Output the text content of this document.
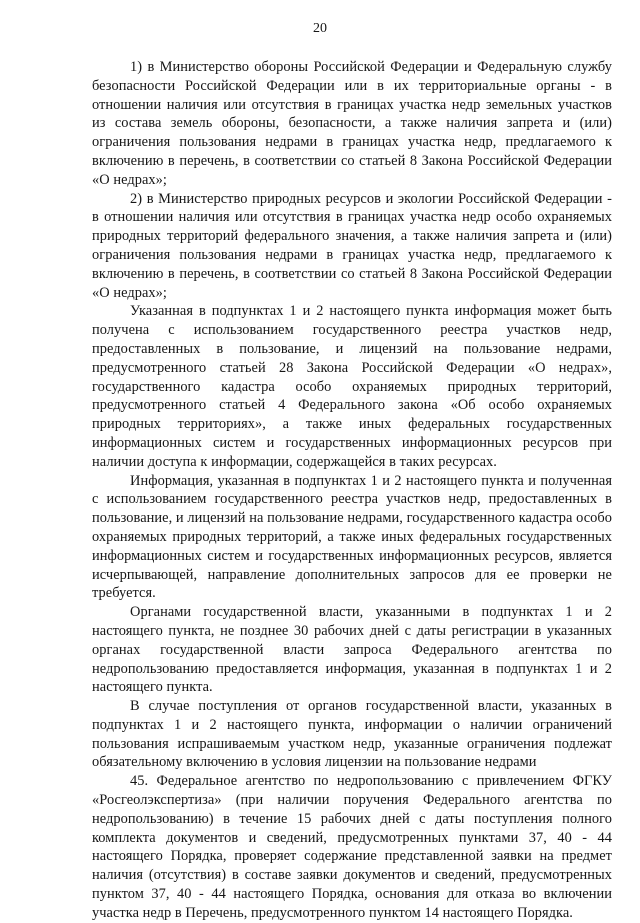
20

1) в Министерство обороны Российской Федерации и Федеральную службу безопасности Российской Федерации или в их территориальные органы - в отношении наличия или отсутствия в границах участка недр земельных участков из состава земель обороны, безопасности, а также наличия запрета и (или) ограничения пользования недрами в границах участка недр, предлагаемого к включению в перечень, в соответствии со статьей 8 Закона Российской Федерации «О недрах»;

2) в Министерство природных ресурсов и экологии Российской Федерации - в отношении наличия или отсутствия в границах участка недр особо охраняемых природных территорий федерального значения, а также наличия запрета и (или) ограничения пользования недрами в границах участка недр, предлагаемого к включению в перечень, в соответствии со статьей 8 Закона Российской Федерации «О недрах»;

Указанная в подпунктах 1 и 2 настоящего пункта информация может быть получена с использованием государственного реестра участков недр, предоставленных в пользование, и лицензий на пользование недрами, предусмотренного статьей 28 Закона Российской Федерации «О недрах», государственного кадастра особо охраняемых природных территорий, предусмотренного статьей 4 Федерального закона «Об особо охраняемых природных территориях», а также иных федеральных государственных информационных систем и государственных информационных ресурсов при наличии доступа к информации, содержащейся в таких ресурсах.

Информация, указанная в подпунктах 1 и 2 настоящего пункта и полученная с использованием государственного реестра участков недр, предоставленных в пользование, и лицензий на пользование недрами, государственного кадастра особо охраняемых природных территорий, а также иных федеральных государственных информационных систем и государственных информационных ресурсов, является исчерпывающей, направление дополнительных запросов для ее проверки не требуется.

Органами государственной власти, указанными в подпунктах 1 и 2 настоящего пункта, не позднее 30 рабочих дней с даты регистрации в указанных органах государственной власти запроса Федерального агентства по недропользованию предоставляется информация, указанная в подпунктах 1 и 2 настоящего пункта.

В случае поступления от органов государственной власти, указанных в подпунктах 1 и 2 настоящего пункта, информации о наличии ограничений пользования испрашиваемым участком недр, указанные ограничения подлежат обязательному включению в условия лицензии на пользование недрами

45. Федеральное агентство по недропользованию с привлечением ФГКУ «Росгеолэкспертиза» (при наличии поручения Федерального агентства по недропользованию) в течение 15 рабочих дней с даты поступления полного комплекта документов и сведений, предусмотренных пунктами 37, 40 - 44 настоящего Порядка, проверяет содержание представленной заявки на предмет наличия (отсутствия) в составе заявки документов и сведений, предусмотренных пунктом 37, 40 - 44 настоящего Порядка, основания для отказа во включении участка недр в Перечень, предусмотренного пунктом 14 настоящего Порядка.
